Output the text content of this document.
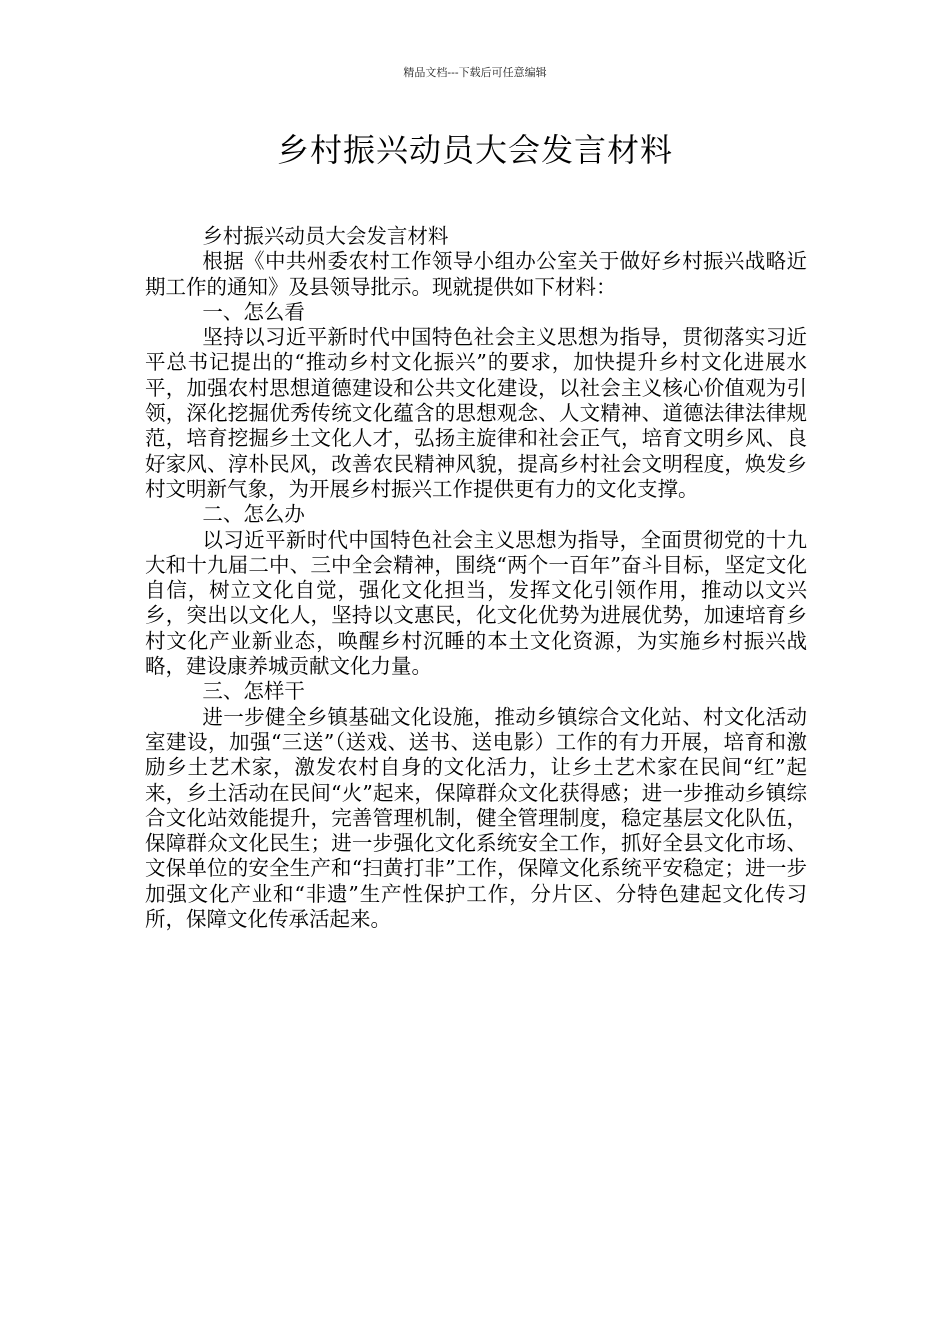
精品文档---下载后可任意编辑
乡村振兴动员大会发言材料

乡村振兴动员大会发言材料

根据《中共州委农村工作领导小组办公室关于做好乡村振兴战略近期工作的通知》及县领导批示。现就提供如下材料：

一、怎么看

坚持以习近平新时代中国特色社会主义思想为指导，贯彻落实习近平总书记提出的“推动乡村文化振兴”的要求，加快提升乡村文化进展水平，加强农村思想道德建设和公共文化建设，以社会主义核心价值观为引领，深化挖掘优秀传统文化蕴含的思想观念、人文精神、道德法律法律规范，培育挖掘乡土文化人才，弘扬主旋律和社会正气，培育文明乡风、良好家风、淳朴民风，改善农民精神风貌，提高乡村社会文明程度，焕发乡村文明新气象，为开展乡村振兴工作提供更有力的文化支撑。

二、怎么办

以习近平新时代中国特色社会主义思想为指导，全面贯彻党的十九大和十九届二中、三中全会精神，围绕“两个一百年”奋斗目标，坚定文化自信，树立文化自觉，强化文化担当，发挥文化引领作用，推动以文兴乡，突出以文化人，坚持以文惠民，化文化优势为进展优势，加速培育乡村文化产业新业态，唤醒乡村沉睡的本土文化资源，为实施乡村振兴战略，建设康养城贡献文化力量。

三、怎样干

进一步健全乡镇基础文化设施，推动乡镇综合文化站、村文化活动室建设，加强“三送”（送戏、送书、送电影）工作的有力开展，培育和激励乡土艺术家，激发农村自身的文化活力，让乡土艺术家在民间“红”起来，乡土活动在民间“火”起来，保障群众文化获得感；进一步推动乡镇综合文化站效能提升，完善管理机制，健全管理制度，稳定基层文化队伍，保障群众文化民生；进一步强化文化系统安全工作，抓好全县文化市场、文保单位的安全生产和“扫黄打非”工作，保障文化系统平安稳定；进一步加强文化产业和“非遗”生产性保护工作，分片区、分特色建起文化传习所，保障文化传承活起来。
